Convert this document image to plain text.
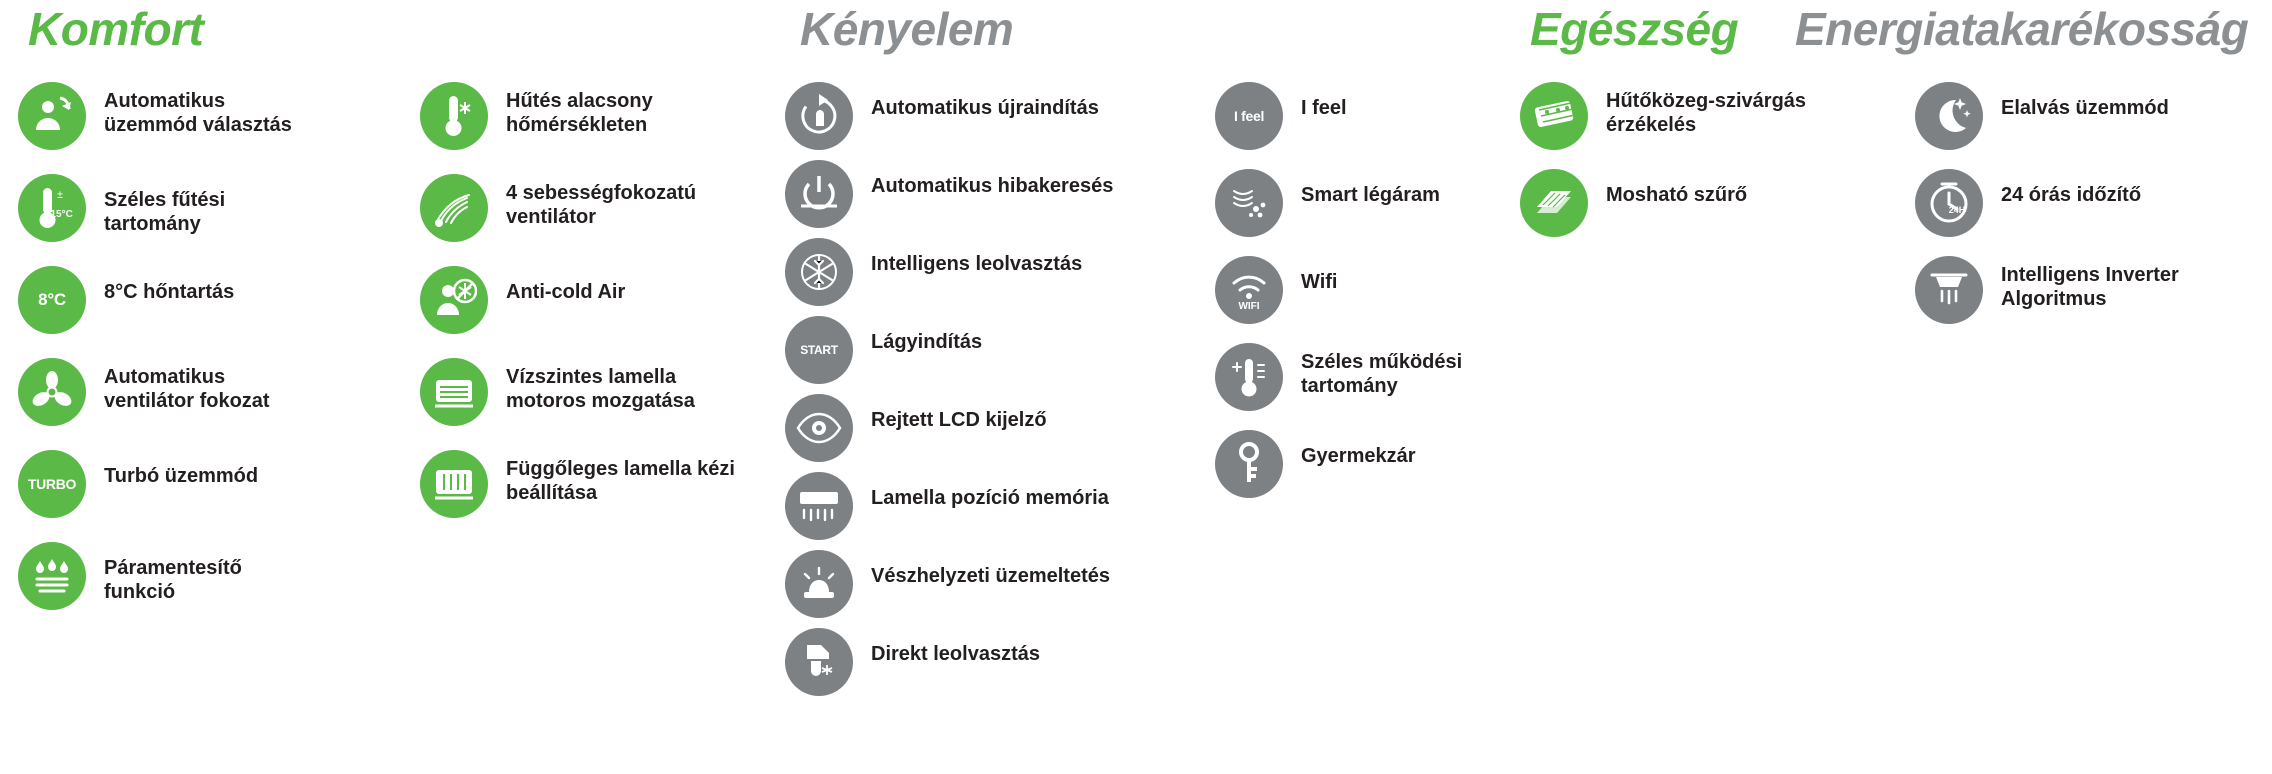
Komfort	Kényelem	Egészség Energiatakarékosság
Automatikus üzemmód választás
±
-15°C
Széles fűtési tartomány
8°C 8°C hőntartás
Automatikus ventilátor fokozat
TURBO Turbó üzemmód
Páramentesítő funkció
Hűtés alacsony hőmérsékleten
4 sebességfokozatú ventilátor
Anti-cold Air
Vízszintes lamella motoros mozgatása
Függőleges lamella kézi beállítása
Automatikus újraindítás
Automatikus hibakeresés
Intelligens leolvasztás
START Lágyindítás
Rejtett LCD kijelző
Lamella pozíció memória
Vészhelyzeti üzemeltetés
Direkt leolvasztás
I feel I feel
Smart légáram
WIFI
Wifi
Széles működési tartomány
Gyermekzár
Hűtőközeg-szivárgás érzékelés
Mosható szűrő
Elalvás üzemmód
24H
24 órás időzítő
Intelligens Inverter Algoritmus
